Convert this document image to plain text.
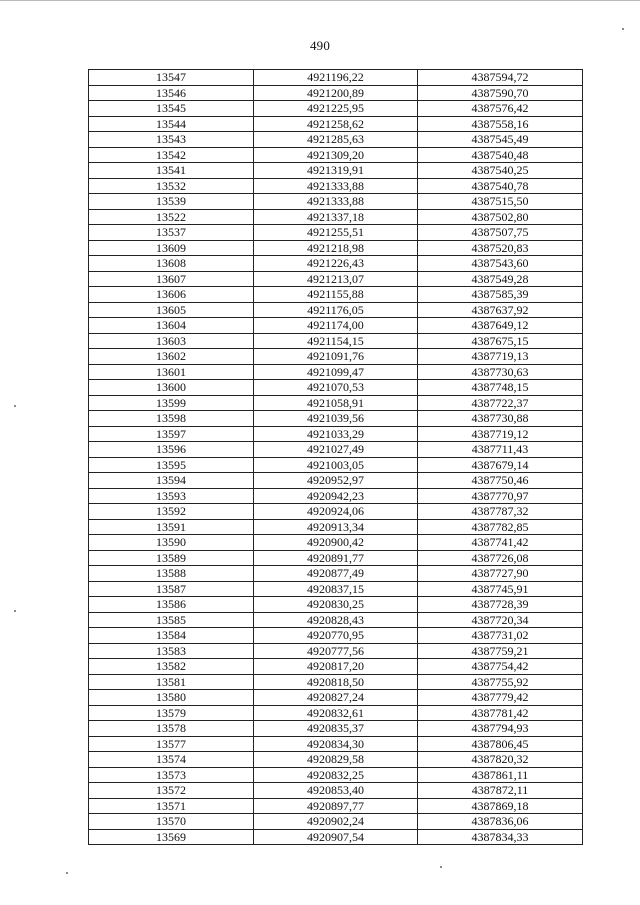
490
13547	4921196,22	4387594,72
13546	4921200,89	4387590,70
13545	4921225,95	4387576,42
13544	4921258,62	4387558,16
13543	4921285,63	4387545,49
13542	4921309,20	4387540,48
13541	4921319,91	4387540,25
13532	4921333,88	4387540,78
13539	4921333,88	4387515,50
13522	4921337,18	4387502,80
13537	4921255,51	4387507,75
13609	4921218,98	4387520,83
13608	4921226,43	4387543,60
13607	4921213,07	4387549,28
13606	4921155,88	4387585,39
13605	4921176,05	4387637,92
13604	4921174,00	4387649,12
13603	4921154,15	4387675,15
13602	4921091,76	4387719,13
13601	4921099,47	4387730,63
13600	4921070,53	4387748,15
13599	4921058,91	4387722,37
13598	4921039,56	4387730,88
13597	4921033,29	4387719,12
13596	4921027,49	4387711,43
13595	4921003,05	4387679,14
13594	4920952,97	4387750,46
13593	4920942,23	4387770,97
13592	4920924,06	4387787,32
13591	4920913,34	4387782,85
13590	4920900,42	4387741,42
13589	4920891,77	4387726,08
13588	4920877,49	4387727,90
13587	4920837,15	4387745,91
13586	4920830,25	4387728,39
13585	4920828,43	4387720,34
13584	4920770,95	4387731,02
13583	4920777,56	4387759,21
13582	4920817,20	4387754,42
13581	4920818,50	4387755,92
13580	4920827,24	4387779,42
13579	4920832,61	4387781,42
13578	4920835,37	4387794,93
13577	4920834,30	4387806,45
13574	4920829,58	4387820,32
13573	4920832,25	4387861,11
13572	4920853,40	4387872,11
13571	4920897,77	4387869,18
13570	4920902,24	4387836,06
13569	4920907,54	4387834,33
